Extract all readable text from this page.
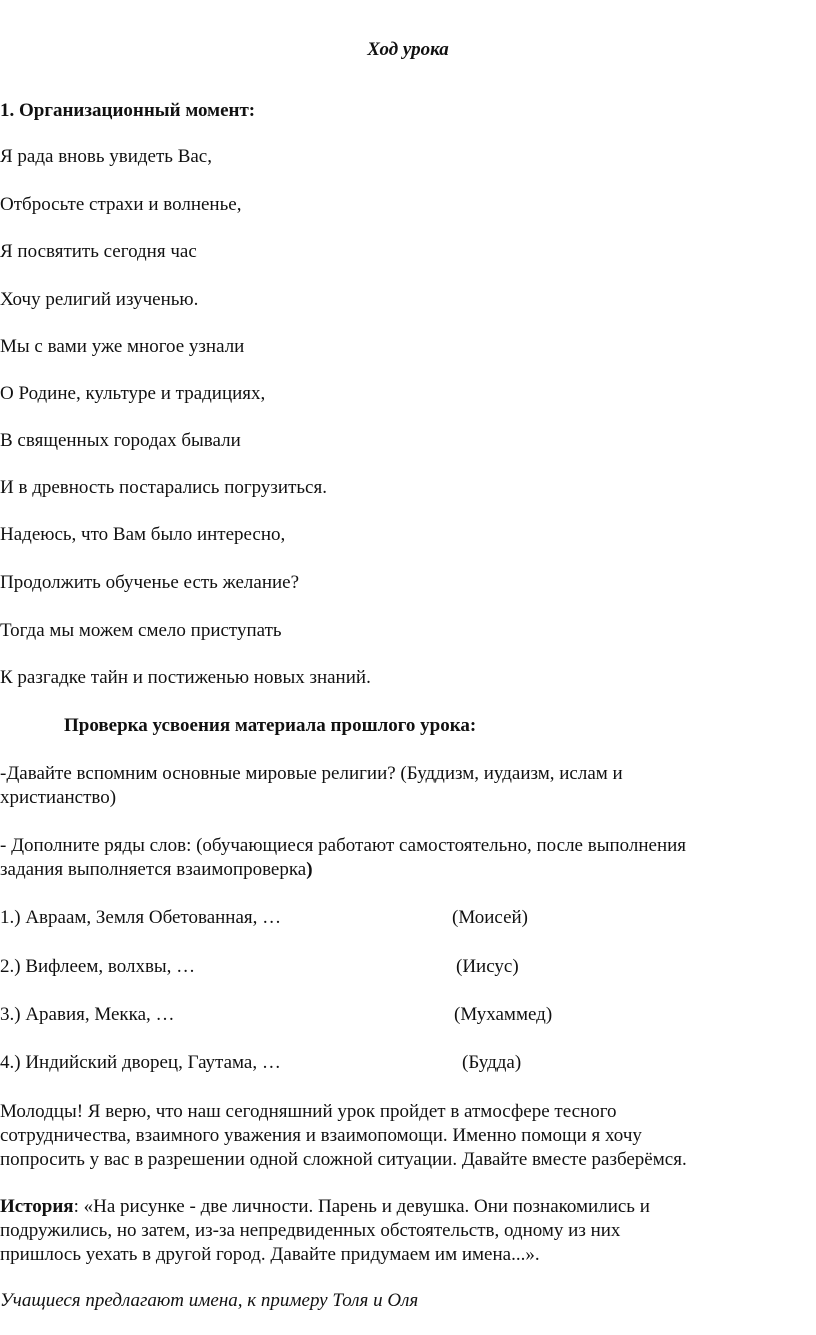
Ход урока
1. Организационный момент:
Я рада вновь увидеть Вас,
Отбросьте страхи и волненье,
Я посвятить сегодня час
Хочу религий изученью.
Мы с вами уже многое узнали
О Родине, культуре и традициях,
В священных городах бывали
И в древность постарались погрузиться.
Надеюсь, что Вам было интересно,
Продолжить обученье есть желание?
Тогда мы можем смело приступать
К разгадке тайн и постиженью новых знаний.
Проверка усвоения материала прошлого урока:
-Давайте вспомним основные мировые религии? (Буддизм, иудаизм, ислам и
христианство)
- Дополните ряды слов: (обучающиеся работают самостоятельно, после выполнения
задания выполняется взаимопроверка)
1.) Авраам, Земля Обетованная, …	(Моисей)
2.) Вифлеем, волхвы, …	(Иисус)
3.) Аравия, Мекка, …	(Мухаммед)
4.) Индийский дворец, Гаутама, …	(Будда)
Молодцы! Я верю, что наш сегодняшний урок пройдет в атмосфере тесного
сотрудничества, взаимного уважения и взаимопомощи. Именно помощи я хочу
попросить у вас в разрешении одной сложной ситуации. Давайте вместе разберёмся.
История: «На рисунке - две личности. Парень и девушка. Они познакомились и
подружились, но затем, из-за непредвиденных обстоятельств, одному из них
пришлось уехать в другой город. Давайте придумаем им имена...».
Учащиеся предлагают имена, к примеру Толя и Оля
